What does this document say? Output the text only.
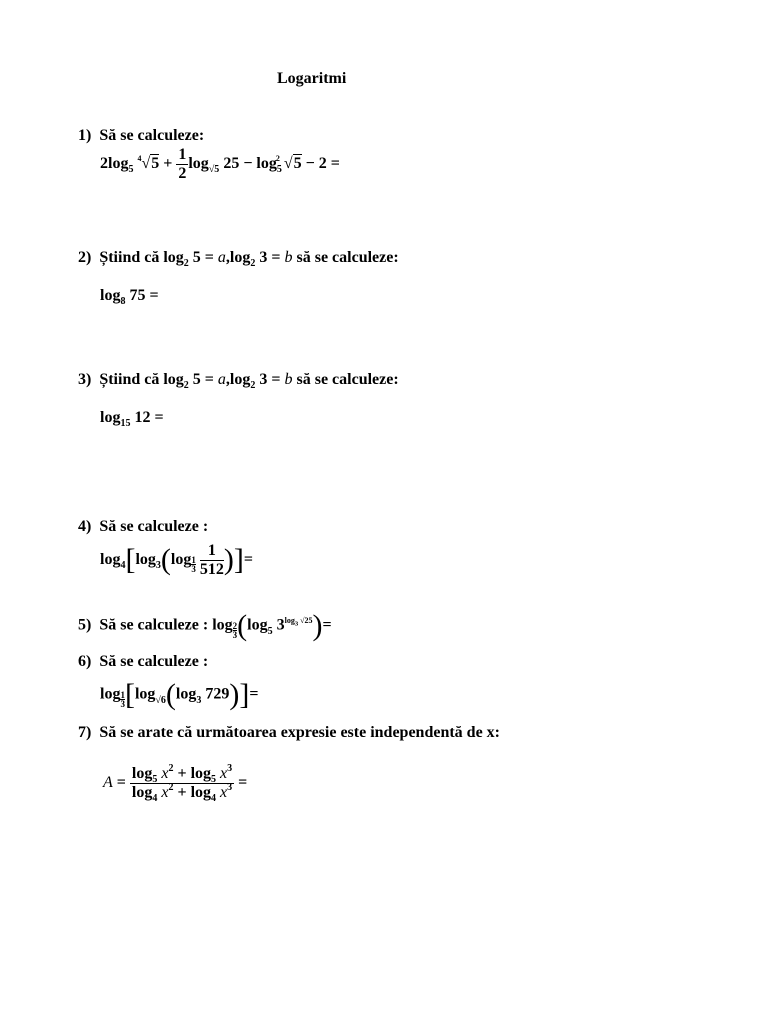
Logaritmi
1) Să se calculeze:
$2\log_5$ $^4√5 + \frac{1}{2} \log_{√5} 25 - \log_5^2 √5 - 2$ =
2) Știind că $\log_2 5 = a,\log_2$ 3 = b să se calculeze:
$\log_8 75$ =
3) Știind că $\log_2 5 = a,\log_2$ 3 = b să se calculeze:
$\log_{15} 12$ =
4) Să se calculeze :
$\log_4[\log_3(\log \frac{1}{3}$
$\frac{1}{512}$ )]=
5) Să se calculeze : $\log \frac{2}{3} (\log_5$ $3^{log_3 √25})=$
6) Să se calculeze :
$\log \frac{1}{3} [\log_{√6}(\log_3$ 729)]=
7) Să se arate că următoarea expresie este independentă de x:
$A = \frac{\log_5 x^2 + \log_5 x^3}{\log_4 x^2 + \log_4 x^3}$ =
